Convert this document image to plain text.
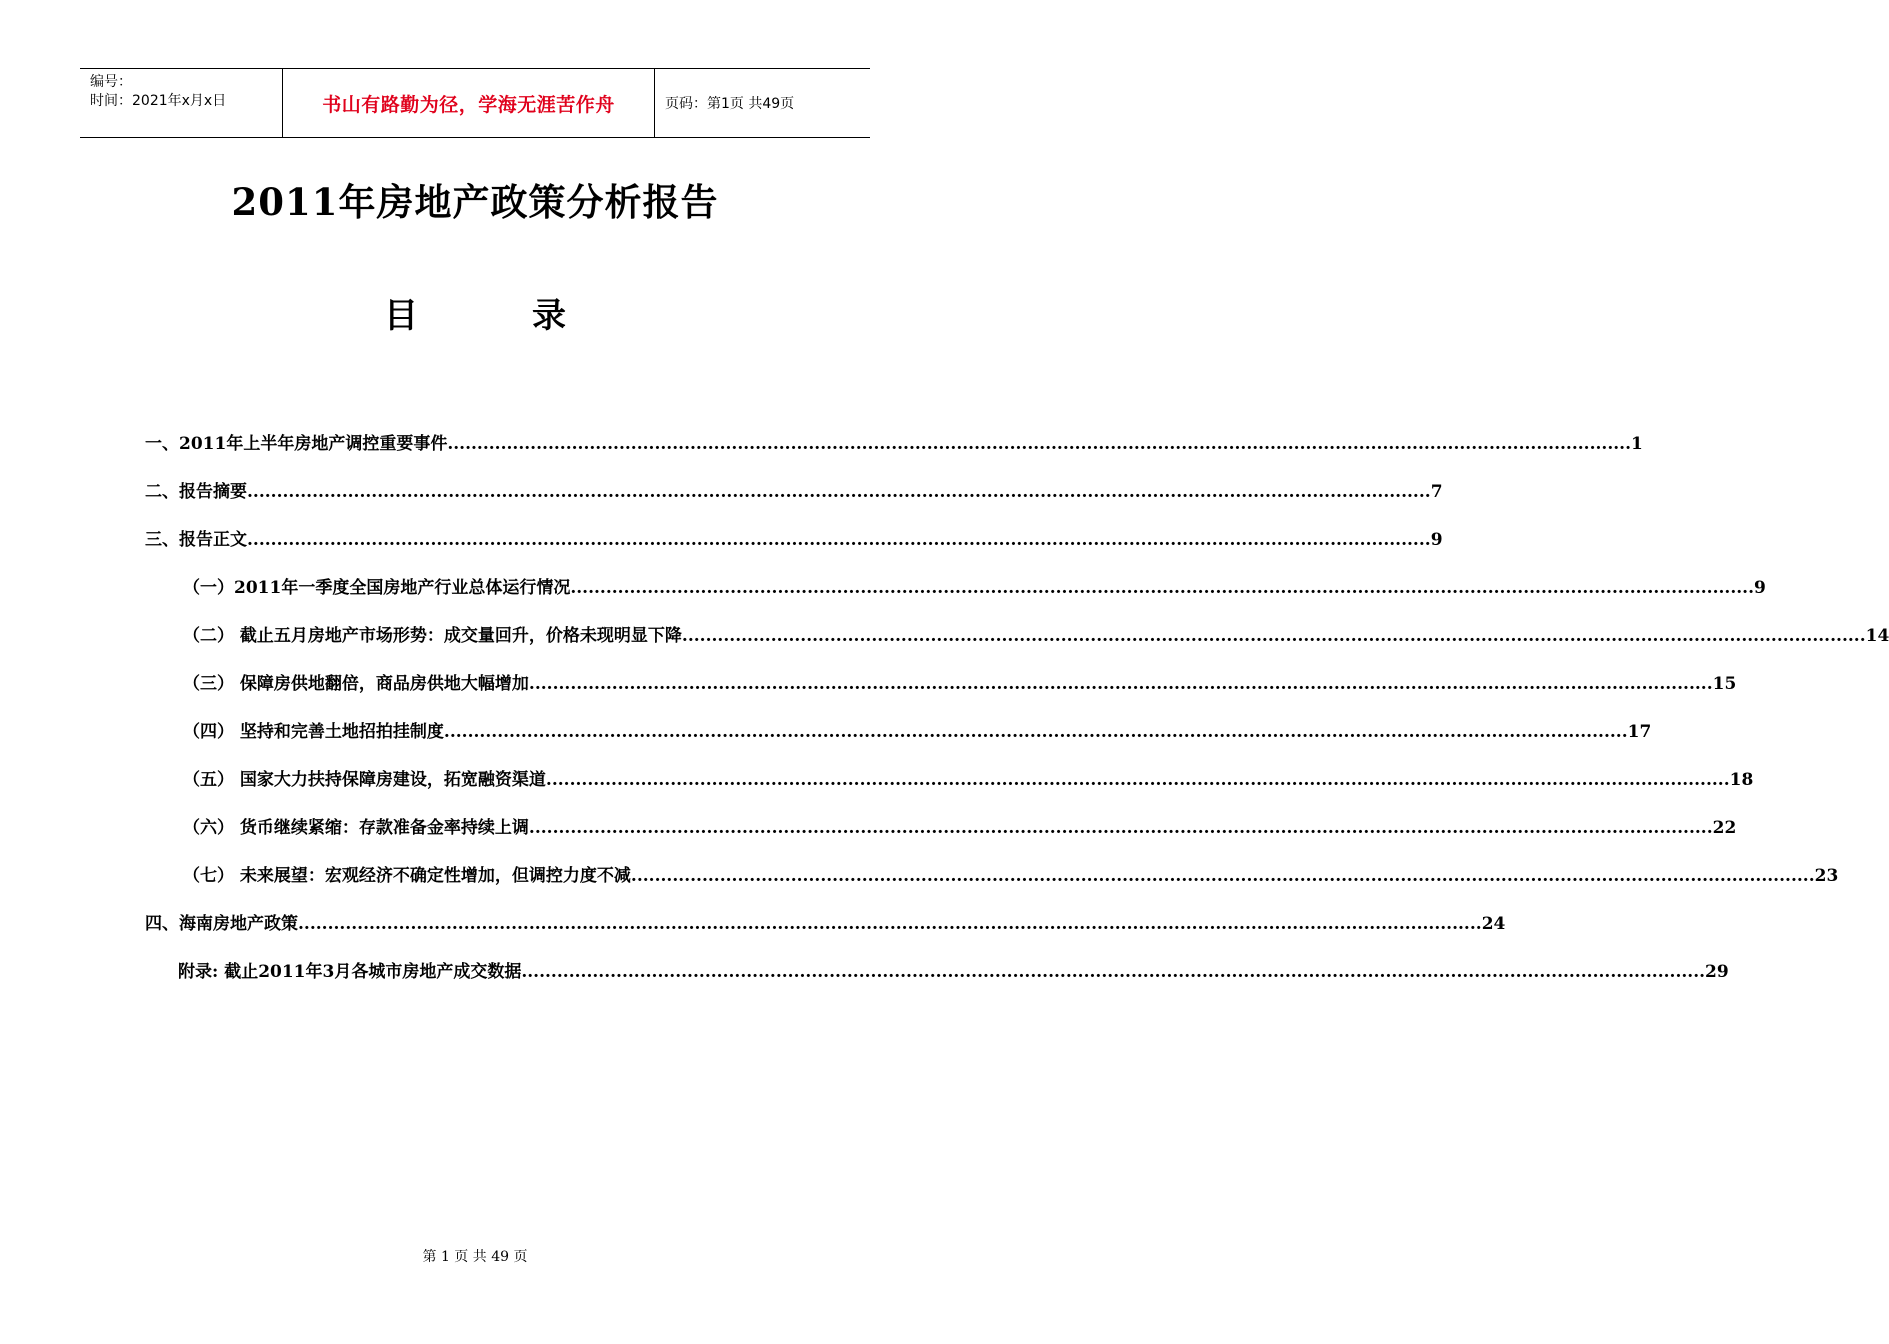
编号：
时间：2021年x月x日	书山有路勤为径，学海无涯苦作舟	页码：第1页 共49页
2011年房地产政策分析报告
目	录
一、2011年上半年房地产调控重要事件 ........................................................................................................................................................................................................ 1
二、报告摘要 ........................................................................................................................................................................................................ 7
三、报告正文 ........................................................................................................................................................................................................ 9
（一）2011年一季度全国房地产行业总体运行情况 ........................................................................................................................................................................................................ 9
（二） 截止五月房地产市场形势：成交量回升，价格未现明显下降 ........................................................................................................................................................................................................ 14
（三） 保障房供地翻倍，商品房供地大幅增加 ........................................................................................................................................................................................................ 15
（四） 坚持和完善土地招拍挂制度 ........................................................................................................................................................................................................ 17
（五） 国家大力扶持保障房建设，拓宽融资渠道 ........................................................................................................................................................................................................ 18
（六） 货币继续紧缩：存款准备金率持续上调 ........................................................................................................................................................................................................ 22
（七） 未来展望：宏观经济不确定性增加，但调控力度不减 ........................................................................................................................................................................................................ 23
四、海南房地产政策 ........................................................................................................................................................................................................ 24
附录: 截止2011年3月各城市房地产成交数据 ........................................................................................................................................................................................................ 29
第 1 页 共 49 页
